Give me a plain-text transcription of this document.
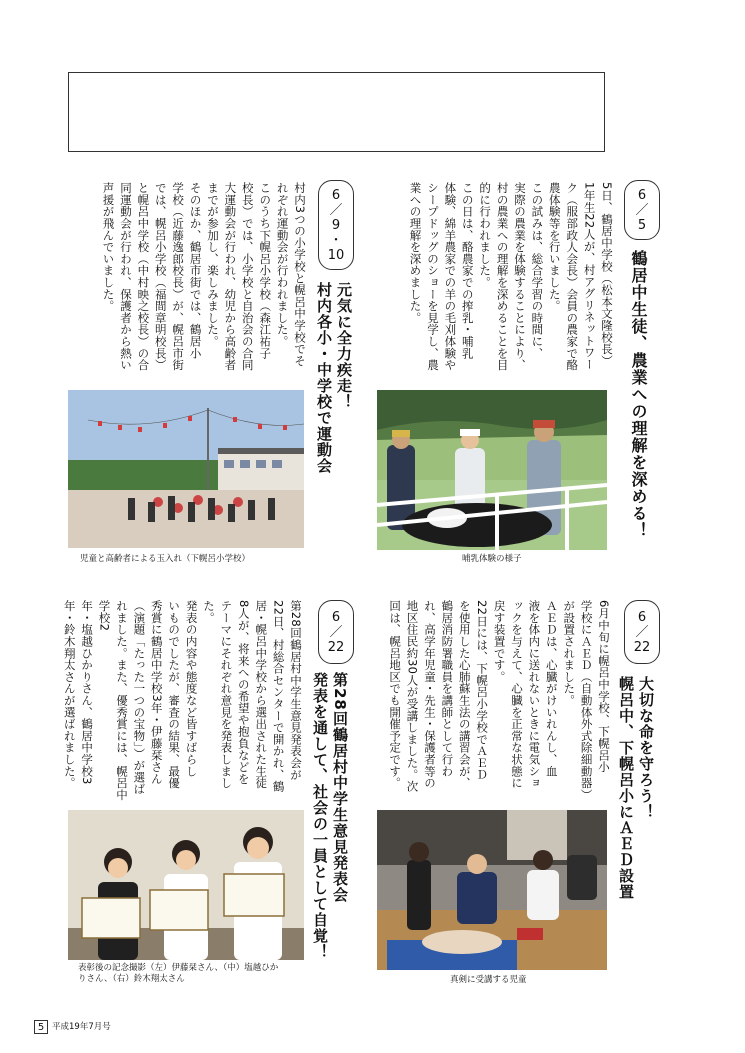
6
／
5
鶴居中生徒、農業への理解を深める！
5日、鶴居中学校（松本文隆校長）
1年生22人が、村アグリネットワー
ク（服部政人会長）会員の農家で酪
農体験等を行いました。
この試みは、総合学習の時間に、
実際の農業を体験することにより、
村の農業への理解を深めることを目
的に行われました。
この日は、酪農家での搾乳・哺乳
体験、綿羊農家での羊の毛刈体験や
シープドッグのショーを見学し、農
業への理解を深めました。
哺乳体験の様子
6
／
9
・
10
元気に全力疾走！
村内各小・中学校で運動会
村内3つの小学校と幌呂中学校でそ
れぞれ運動会が行われました。
このうち下幌呂小学校（森江祐子
校長）では、小学校と自治会の合同
大運動会が行われ、幼児から高齢者
までが参加し、楽しみました。
そのほか、鶴居市街では、鶴居小
学校（近藤逸郎校長）が、幌呂市街
では、幌呂小学校（福間章明校長）
と幌呂中学校（中村映之校長）の合
同運動会が行われ、保護者から熱い
声援が飛んでいました。
児童と高齢者による玉入れ（下幌呂小学校）
6
／
22
大切な命を守ろう！
幌呂中、下幌呂小にＡＥＤ設置
6月中旬に幌呂中学校、下幌呂小
学校にＡＥＤ（自動体外式除細動器）
が設置されました。
ＡＥＤは、心臓がけいれんし、血
液を体内に送れないときに電気ショ
ックを与えて、心臓を正常な状態に
戻す装置です。
22日には、下幌呂小学校でＡＥＤ
を使用した心肺蘇生法の講習会が、
鶴居消防署職員を講師として行わ
れ、高学年児童・先生・保護者等の
地区住民約30人が受講しました。次
回は、幌呂地区でも開催予定です。
真剣に受講する児童
6
／
22
第28回鶴居村中学生意見発表会
発表を通して、社会の一員として自覚！
第28回鶴居村中学生意見発表会が
22日、村総合センターで開かれ、鶴
居・幌呂中学校から選出された生徒
8人が、将来への希望や抱負などを
テーマにそれぞれ意見を発表しまし
た。
発表の内容や態度など皆すばらし
いものでしたが、審査の結果、最優
秀賞に鶴居中学校3年・伊藤栞さん
（演題「たった一つの宝物」）が選ば
れました。また、優秀賞には、幌呂中学校2
年・塩越ひかりさん、鶴居中学校3
年・鈴木翔太さんが選ばれました。
表彰後の記念撮影（左）伊藤栞さん、（中）塩越ひか
りさん、（右）鈴木翔太さん
5 平成19年7月号
